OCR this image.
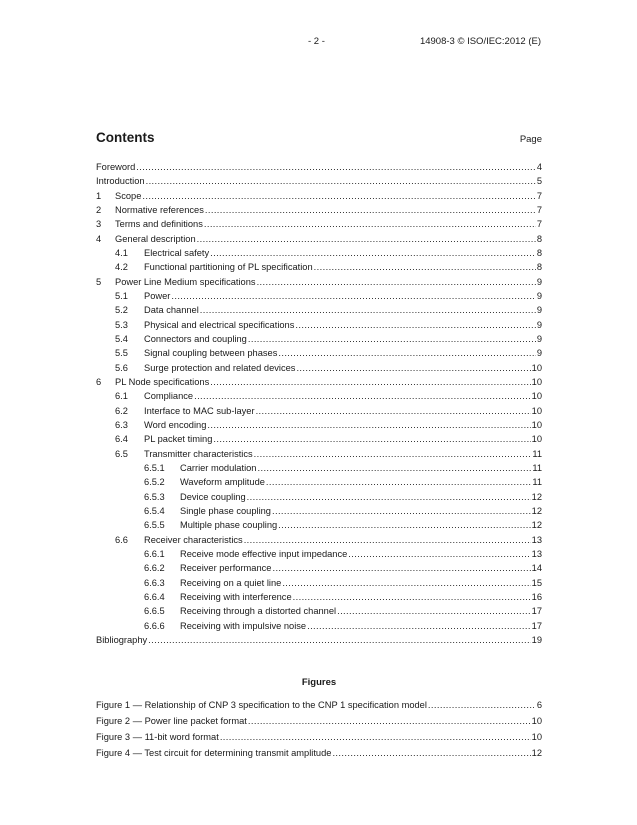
- 2 -	14908-3 © ISO/IEC:2012 (E)
Contents	Page
Foreword .....	4
Introduction .....	5
1	Scope .....	7
2	Normative references .....	7
3	Terms and definitions .....	7
4	General description .....	8
4.1	Electrical safety .....	8
4.2	Functional partitioning of PL specification .....	8
5	Power Line Medium specifications .....	9
5.1	Power .....	9
5.2	Data channel .....	9
5.3	Physical and electrical specifications .....	9
5.4	Connectors and coupling .....	9
5.5	Signal coupling between phases .....	9
5.6	Surge protection and related devices .....	10
6	PL Node specifications .....	10
6.1	Compliance .....	10
6.2	Interface to MAC sub-layer .....	10
6.3	Word encoding .....	10
6.4	PL packet timing .....	10
6.5	Transmitter characteristics .....	11
6.5.1	Carrier modulation .....	11
6.5.2	Waveform amplitude .....	11
6.5.3	Device coupling .....	12
6.5.4	Single phase coupling .....	12
6.5.5	Multiple phase coupling .....	12
6.6	Receiver characteristics .....	13
6.6.1	Receive mode effective input impedance .....	13
6.6.2	Receiver performance .....	14
6.6.3	Receiving on a quiet line .....	15
6.6.4	Receiving with interference .....	16
6.6.5	Receiving through a distorted channel .....	17
6.6.6	Receiving with impulsive noise .....	17
Bibliography .....	19
Figures
Figure 1 — Relationship of CNP 3 specification to the CNP 1 specification model .....	6
Figure 2 — Power line packet format .....	10
Figure 3 — 11-bit word format .....	10
Figure 4 — Test circuit for determining transmit amplitude .....	12
